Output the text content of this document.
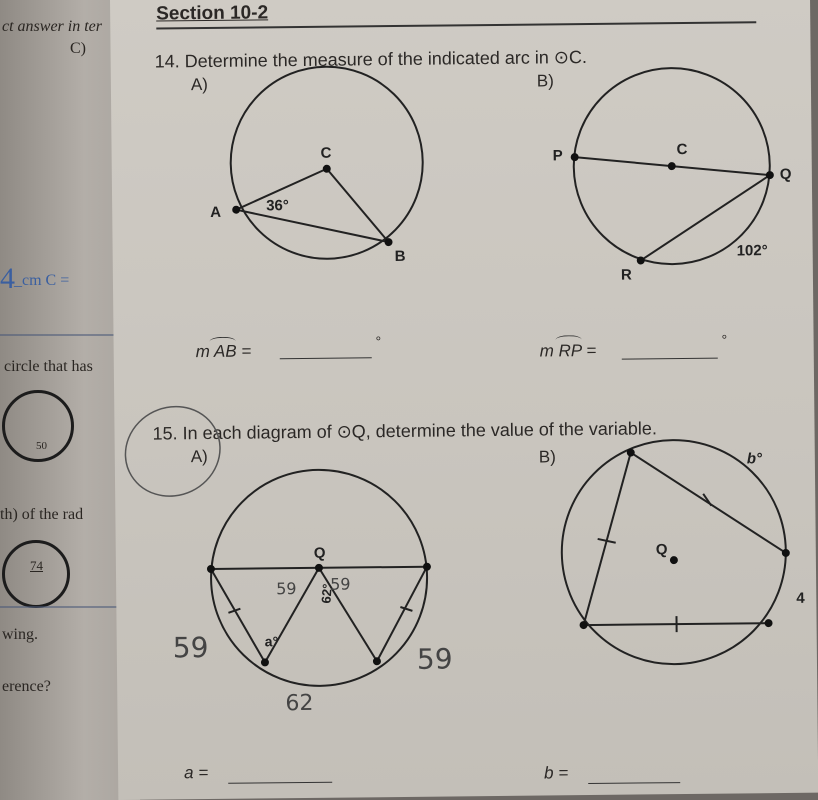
ct answer in ter
C)
_cm C =
4
circle that has
50
th) of the rad
74
wing.
erence?
Section 10-2
14. Determine the measure of the indicated arc in ⊙C.
A)	B)
C
A
B
36°
P	C
Q
R
102°
m AB =
°	m RP =
°
15. In each diagram of ⊙Q, determine the value of the variable.
A)	B)
Q
62°
a°
59 59
59	59
62
Q
b°
4
a =	b =
